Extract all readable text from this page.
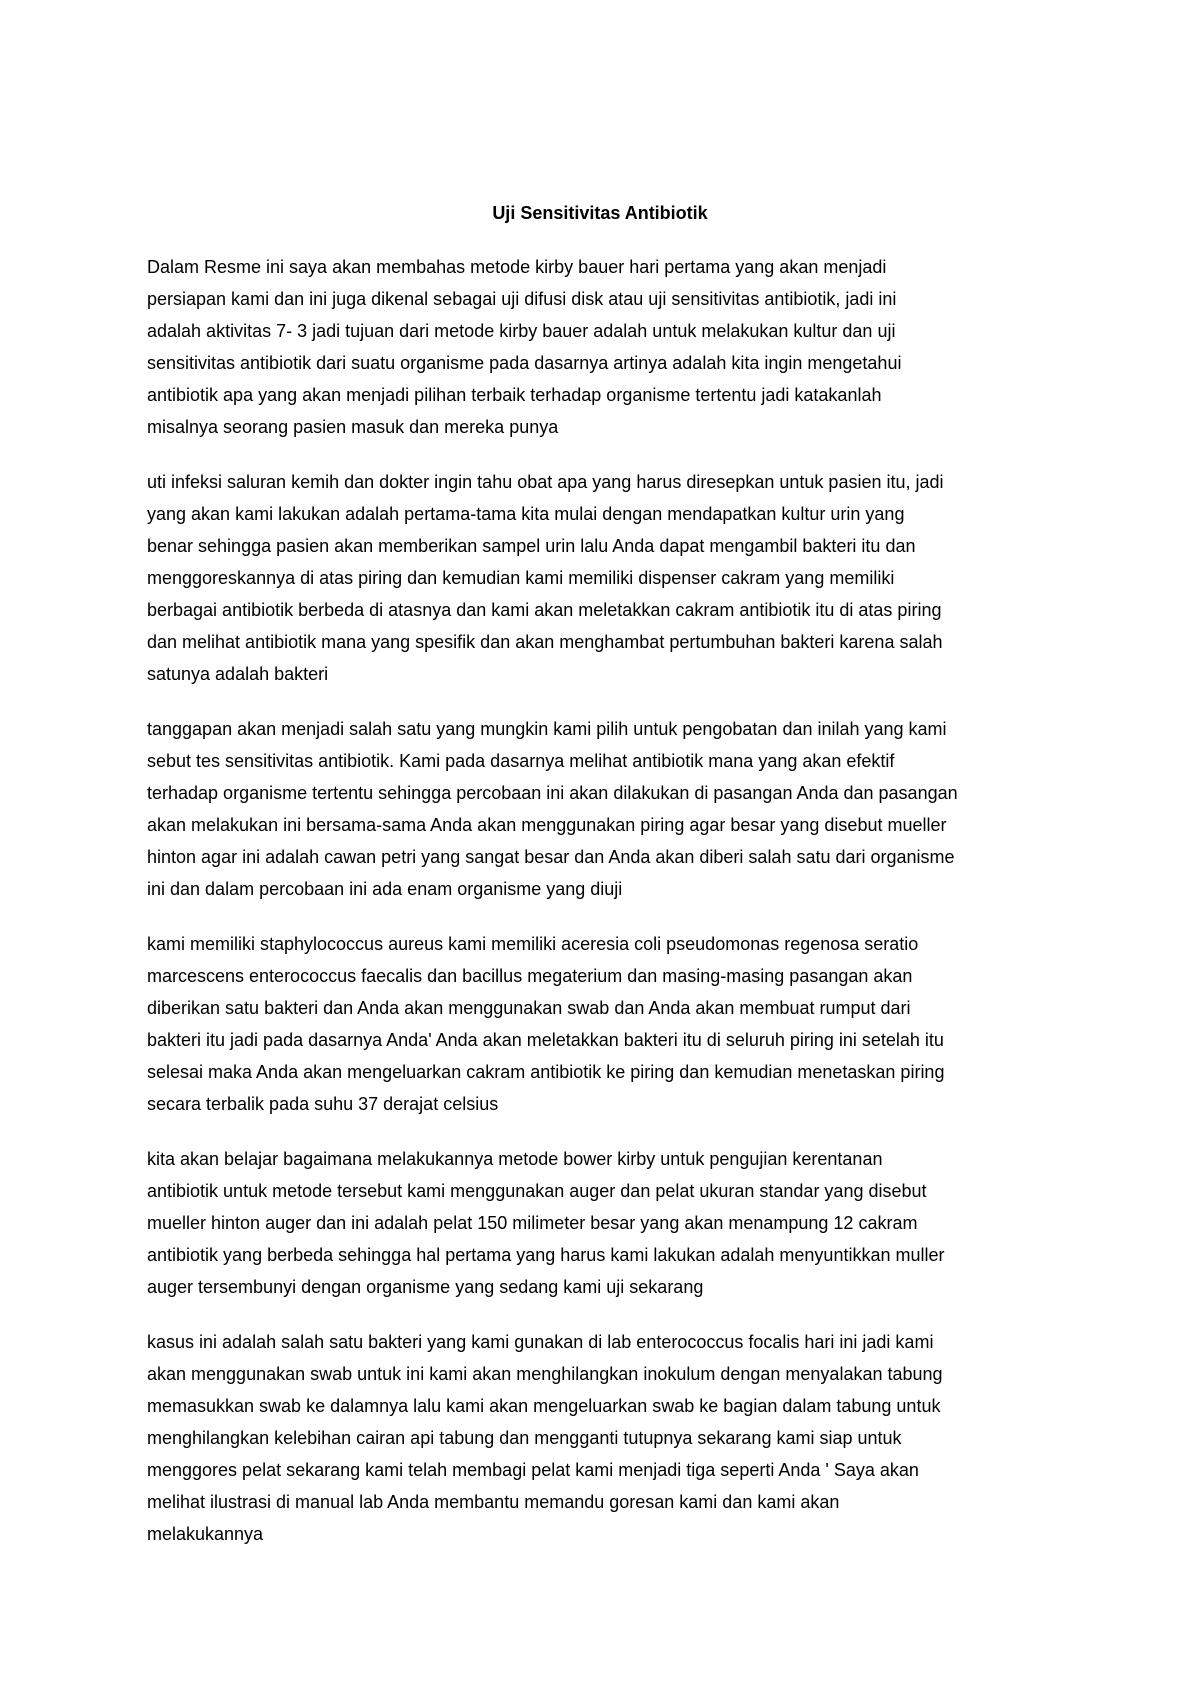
Uji Sensitivitas Antibiotik

Dalam Resme ini saya akan membahas metode kirby bauer hari pertama yang akan menjadi
persiapan kami dan ini juga dikenal sebagai uji difusi disk atau uji sensitivitas antibiotik, jadi ini
adalah aktivitas 7- 3 jadi tujuan dari metode kirby bauer adalah untuk melakukan kultur dan uji
sensitivitas antibiotik dari suatu organisme pada dasarnya artinya adalah kita ingin mengetahui
antibiotik apa yang akan menjadi pilihan terbaik terhadap organisme tertentu jadi katakanlah
misalnya seorang pasien masuk dan mereka punya

uti infeksi saluran kemih dan dokter ingin tahu obat apa yang harus diresepkan untuk pasien itu, jadi
yang akan kami lakukan adalah pertama-tama kita mulai dengan mendapatkan kultur urin yang
benar sehingga pasien akan memberikan sampel urin lalu Anda dapat mengambil bakteri itu dan
menggoreskannya di atas piring dan kemudian kami memiliki dispenser cakram yang memiliki
berbagai antibiotik berbeda di atasnya dan kami akan meletakkan cakram antibiotik itu di atas piring
dan melihat antibiotik mana yang spesifik dan akan menghambat pertumbuhan bakteri karena salah
satunya adalah bakteri

tanggapan akan menjadi salah satu yang mungkin kami pilih untuk pengobatan dan inilah yang kami
sebut tes sensitivitas antibiotik. Kami pada dasarnya melihat antibiotik mana yang akan efektif
terhadap organisme tertentu sehingga percobaan ini akan dilakukan di pasangan Anda dan pasangan
akan melakukan ini bersama-sama Anda akan menggunakan piring agar besar yang disebut mueller
hinton agar ini adalah cawan petri yang sangat besar dan Anda akan diberi salah satu dari organisme
ini dan dalam percobaan ini ada enam organisme yang diuji

kami memiliki staphylococcus aureus kami memiliki aceresia coli pseudomonas regenosa seratio
marcescens enterococcus faecalis dan bacillus megaterium dan masing-masing pasangan akan
diberikan satu bakteri dan Anda akan menggunakan swab dan Anda akan membuat rumput dari
bakteri itu jadi pada dasarnya Anda' Anda akan meletakkan bakteri itu di seluruh piring ini setelah itu
selesai maka Anda akan mengeluarkan cakram antibiotik ke piring dan kemudian menetaskan piring
secara terbalik pada suhu 37 derajat celsius

kita akan belajar bagaimana melakukannya metode bower kirby untuk pengujian kerentanan
antibiotik untuk metode tersebut kami menggunakan auger dan pelat ukuran standar yang disebut
mueller hinton auger dan ini adalah pelat 150 milimeter besar yang akan menampung 12 cakram
antibiotik yang berbeda sehingga hal pertama yang harus kami lakukan adalah menyuntikkan muller
auger tersembunyi dengan organisme yang sedang kami uji sekarang

kasus ini adalah salah satu bakteri yang kami gunakan di lab enterococcus focalis hari ini jadi kami
akan menggunakan swab untuk ini kami akan menghilangkan inokulum dengan menyalakan tabung
memasukkan swab ke dalamnya lalu kami akan mengeluarkan swab ke bagian dalam tabung untuk
menghilangkan kelebihan cairan api tabung dan mengganti tutupnya sekarang kami siap untuk
menggores pelat sekarang kami telah membagi pelat kami menjadi tiga seperti Anda ' Saya akan
melihat ilustrasi di manual lab Anda membantu memandu goresan kami dan kami akan
melakukannya
